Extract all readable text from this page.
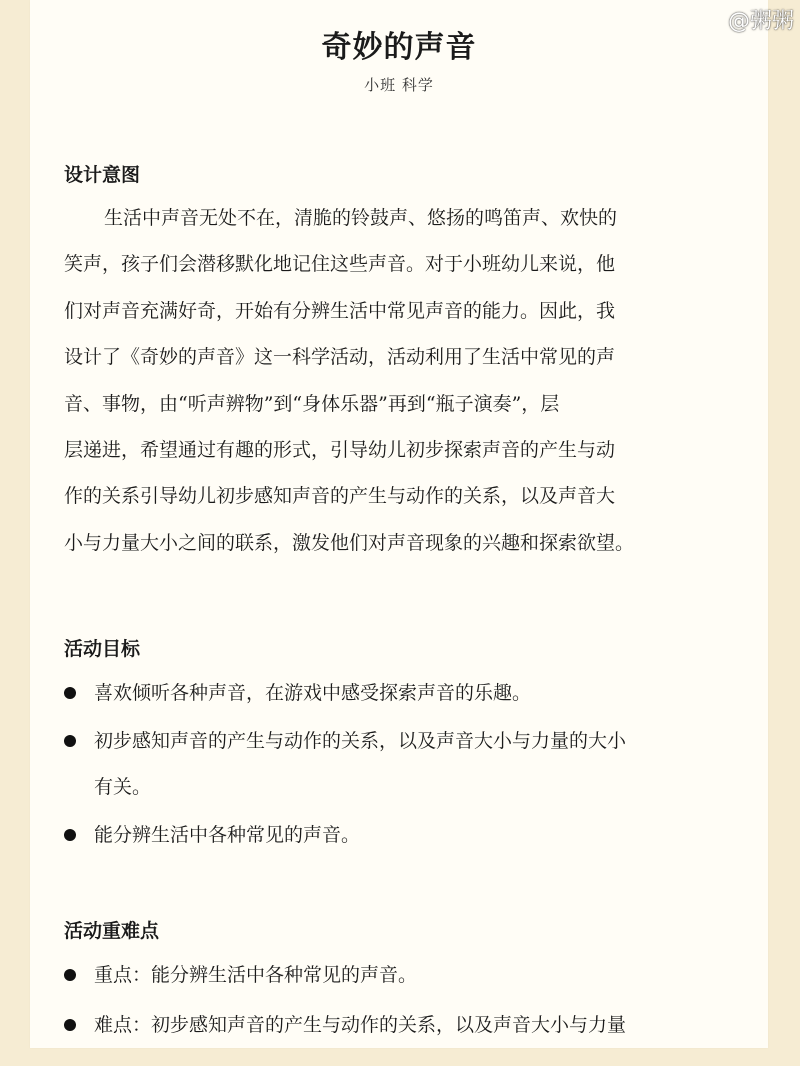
奇妙的声音
小班 科学
设计意图
生活中声音无处不在，清脆的铃鼓声、悠扬的鸣笛声、欢快的
笑声，孩子们会潜移默化地记住这些声音。对于小班幼儿来说，他
们对声音充满好奇，开始有分辨生活中常见声音的能力。因此，我
设计了《奇妙的声音》这一科学活动，活动利用了生活中常见的声
音、事物，由“听声辨物”到“身体乐器”再到“瓶子演奏”，层
层递进，希望通过有趣的形式，引导幼儿初步探索声音的产生与动
作的关系引导幼儿初步感知声音的产生与动作的关系，以及声音大
小与力量大小之间的联系，激发他们对声音现象的兴趣和探索欲望。
活动目标
喜欢倾听各种声音，在游戏中感受探索声音的乐趣。
初步感知声音的产生与动作的关系，以及声音大小与力量的大小
有关。
能分辨生活中各种常见的声音。
活动重难点
重点：能分辨生活中各种常见的声音。
难点：初步感知声音的产生与动作的关系，以及声音大小与力量
@粥粥
